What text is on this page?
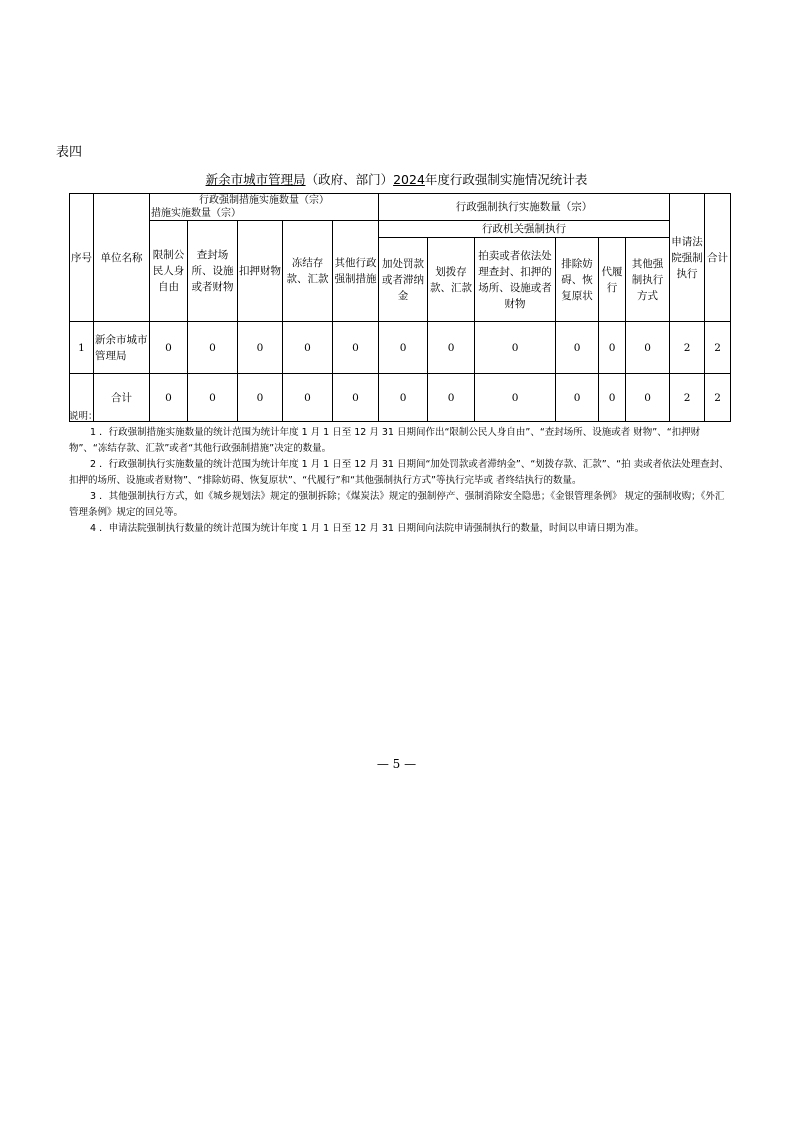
表四
新余市城市管理局（政府、部门）2024年度行政强制实施情况统计表
序号	单位名称	行政强制措施实施数量（宗）
措施实施数量（宗）					行政强制执行实施数量（宗）						申请法院强制执行	合计
		限制公民人身自由	查封场所、设施或者财物	扣押财物	冻结存款、汇款	其他行政强制措施	行政机关强制执行							
							加处罚款或者滞纳金	划拨存款、汇款	拍卖或者依法处理查封、扣押的场所、设施或者财物	排除妨碍、恢复原状	代履行	其他强制执行方式		
1	新余市城市管理局	0	0	0	0	0	0	0	0	0	0	0	2	2
	合计	0	0	0	0	0	0	0	0	0	0	0	2	2

说明：

1 ．行政强制措施实施数量的统计范围为统计年度 1 月 1 日至 12 月 31 日期间作出“限制公民人身自由”、“查封场所、设施或者 财物”、“扣押财物”、“冻结存款、汇款”或者“其他行政强制措施”决定的数量。

2 ．行政强制执行实施数量的统计范围为统计年度 1 月 1 日至 12 月 31 日期间“加处罚款或者滞纳金”、“划拨存款、汇款”、“拍 卖或者依法处理查封、扣押的场所、设施或者财物”、“排除妨碍、恢复原状”、“代履行”和“其他强制执行方式”等执行完毕或 者终结执行的数量。

3 ．其他强制执行方式，如《城乡规划法》规定的强制拆除；《煤炭法》规定的强制停产、强制消除安全隐患；《金银管理条例》 规定的强制收购；《外汇管理条例》规定的回兑等。

4 ．申请法院强制执行数量的统计范围为统计年度 1 月 1 日至 12 月 31 日期间向法院申请强制执行的数量，时间以申请日期为准。

— 5 —
